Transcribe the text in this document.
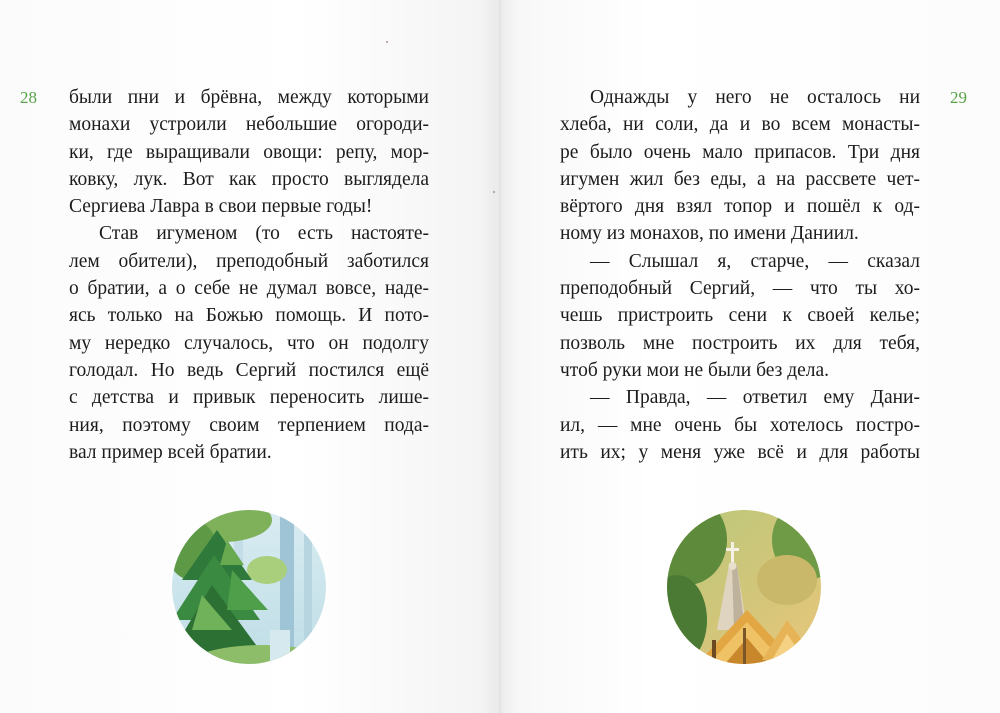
28	29
были пни и брёвна, между которыми
монахи устроили небольшие огороди-
ки, где выращивали овощи: репу, мор-
ковку, лук. Вот как просто выглядела
Сергиева Лавра в свои первые годы!
Став игуменом (то есть настояте-
лем обители), преподобный заботился
о братии, а о себе не думал вовсе, наде-
ясь только на Божью помощь. И пото-
му нередко случалось, что он подолгу
голодал. Но ведь Сергий постился ещё
с детства и привык переносить лише-
ния, поэтому своим терпением пода-
вал пример всей братии.
Однажды у него не осталось ни
хлеба, ни соли, да и во всем монасты-
ре было очень мало припасов. Три дня
игумен жил без еды, а на рассвете чет-
вёртого дня взял топор и пошёл к од-
ному из монахов, по имени Даниил.
— Слышал я, старче, — сказал
преподобный Сергий, — что ты хо-
чешь пристроить сени к своей келье;
позволь мне построить их для тебя,
чтоб руки мои не были без дела.
— Правда, — ответил ему Дани-
ил, — мне очень бы хотелось постро-
ить их; у меня уже всё и для работы
